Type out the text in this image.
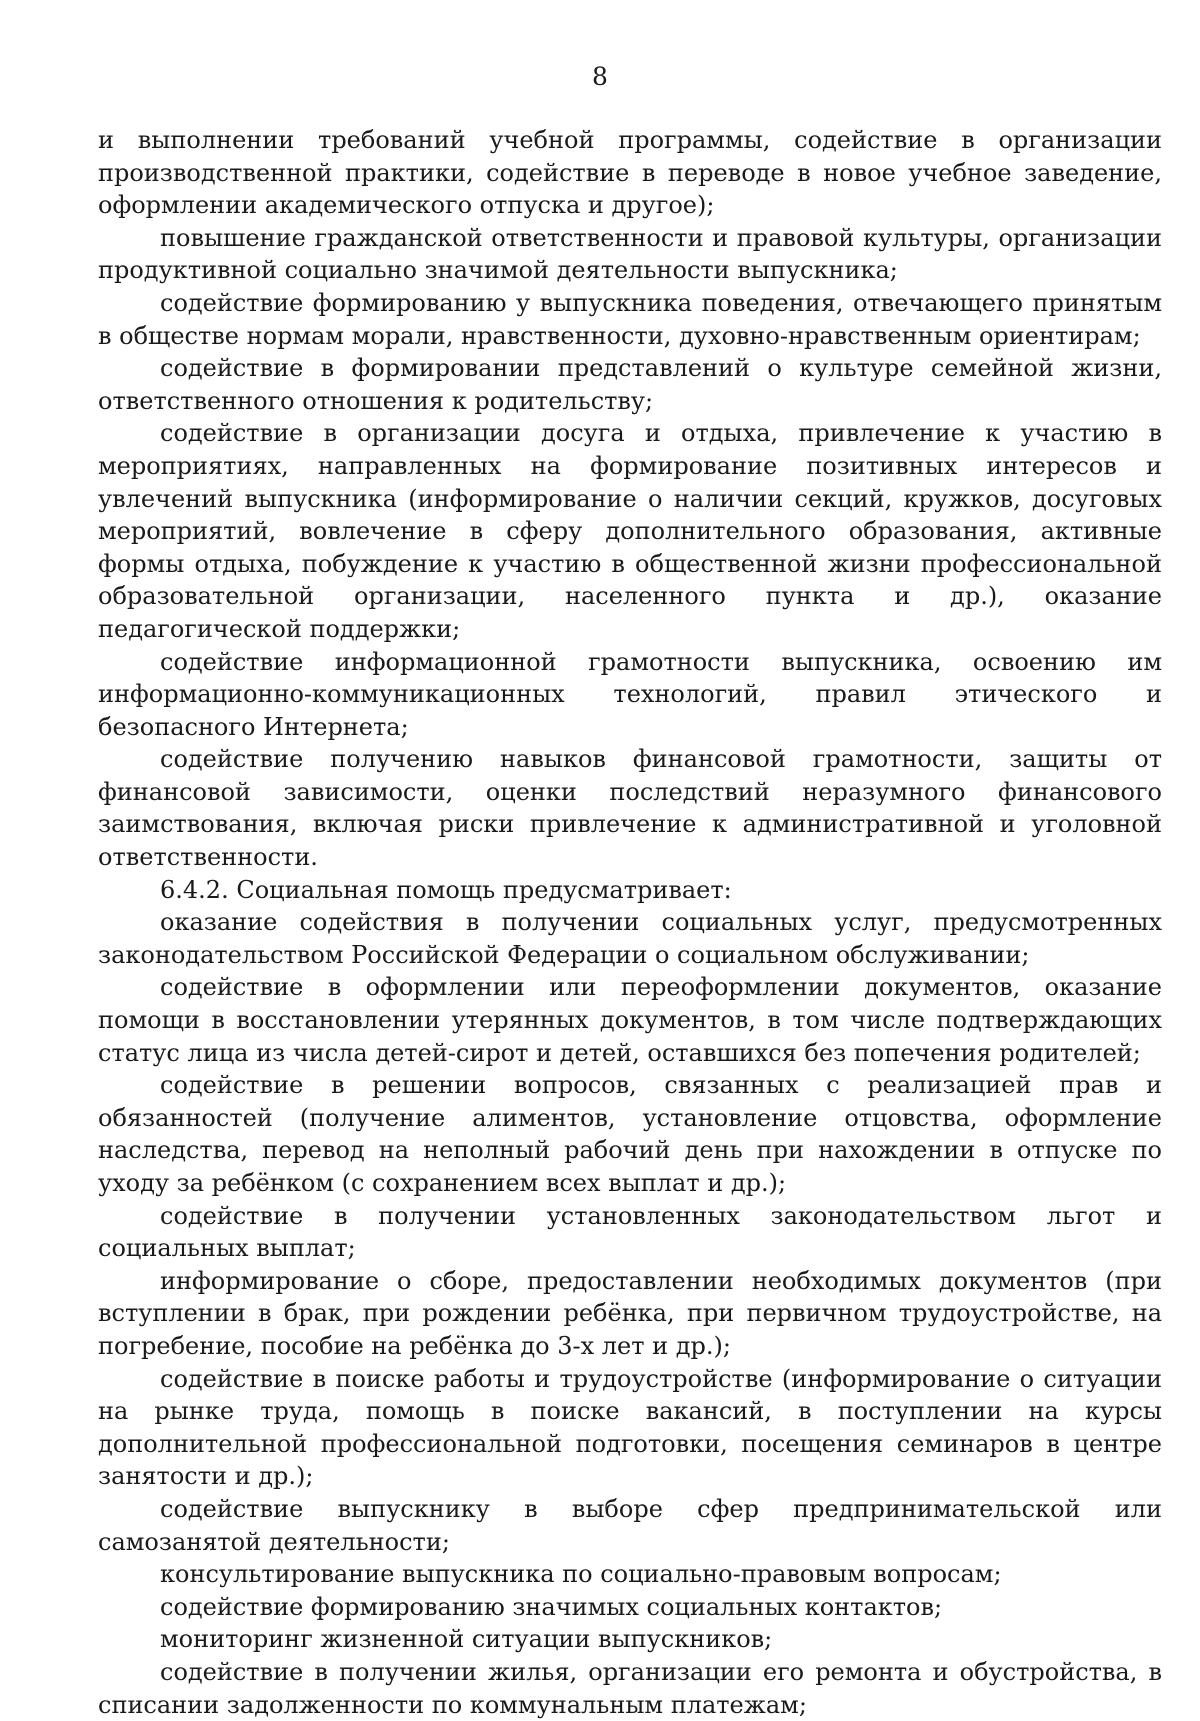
8

и выполнении требований учебной программы, содействие в организации производственной практики, содействие в переводе в новое учебное заведение, оформлении академического отпуска и другое);

повышение гражданской ответственности и правовой культуры, организации продуктивной социально значимой деятельности выпускника;

содействие формированию у выпускника поведения, отвечающего принятым в обществе нормам морали, нравственности, духовно-нравственным ориентирам;

содействие в формировании представлений о культуре семейной жизни, ответственного отношения к родительству;

содействие в организации досуга и отдыха, привлечение к участию в мероприятиях, направленных на формирование позитивных интересов и увлечений выпускника (информирование о наличии секций, кружков, досуговых мероприятий, вовлечение в сферу дополнительного образования, активные формы отдыха, побуждение к участию в общественной жизни профессиональной образовательной организации, населенного пункта и др.), оказание педагогической поддержки;

содействие информационной грамотности выпускника, освоению им информационно-коммуникационных технологий, правил этического и безопасного Интернета;

содействие получению навыков финансовой грамотности, защиты от финансовой зависимости, оценки последствий неразумного финансового заимствования, включая риски привлечение к административной и уголовной ответственности.

6.4.2. Социальная помощь предусматривает:

оказание содействия в получении социальных услуг, предусмотренных законодательством Российской Федерации о социальном обслуживании;

содействие в оформлении или переоформлении документов, оказание помощи в восстановлении утерянных документов, в том числе подтверждающих статус лица из числа детей-сирот и детей, оставшихся без попечения родителей;

содействие в решении вопросов, связанных с реализацией прав и обязанностей (получение алиментов, установление отцовства, оформление наследства, перевод на неполный рабочий день при нахождении в отпуске по уходу за ребёнком (с сохранением всех выплат и др.);

содействие в получении установленных законодательством льгот и социальных выплат;

информирование о сборе, предоставлении необходимых документов (при вступлении в брак, при рождении ребёнка, при первичном трудоустройстве, на погребение, пособие на ребёнка до 3-х лет и др.);

содействие в поиске работы и трудоустройстве (информирование о ситуации на рынке труда, помощь в поиске вакансий, в поступлении на курсы дополнительной профессиональной подготовки, посещения семинаров в центре занятости и др.);

содействие выпускнику в выборе сфер предпринимательской или самозанятой деятельности;

консультирование выпускника по социально-правовым вопросам;

содействие формированию значимых социальных контактов;

мониторинг жизненной ситуации выпускников;

содействие в получении жилья, организации его ремонта и обустройства, в списании задолженности по коммунальным платежам;
